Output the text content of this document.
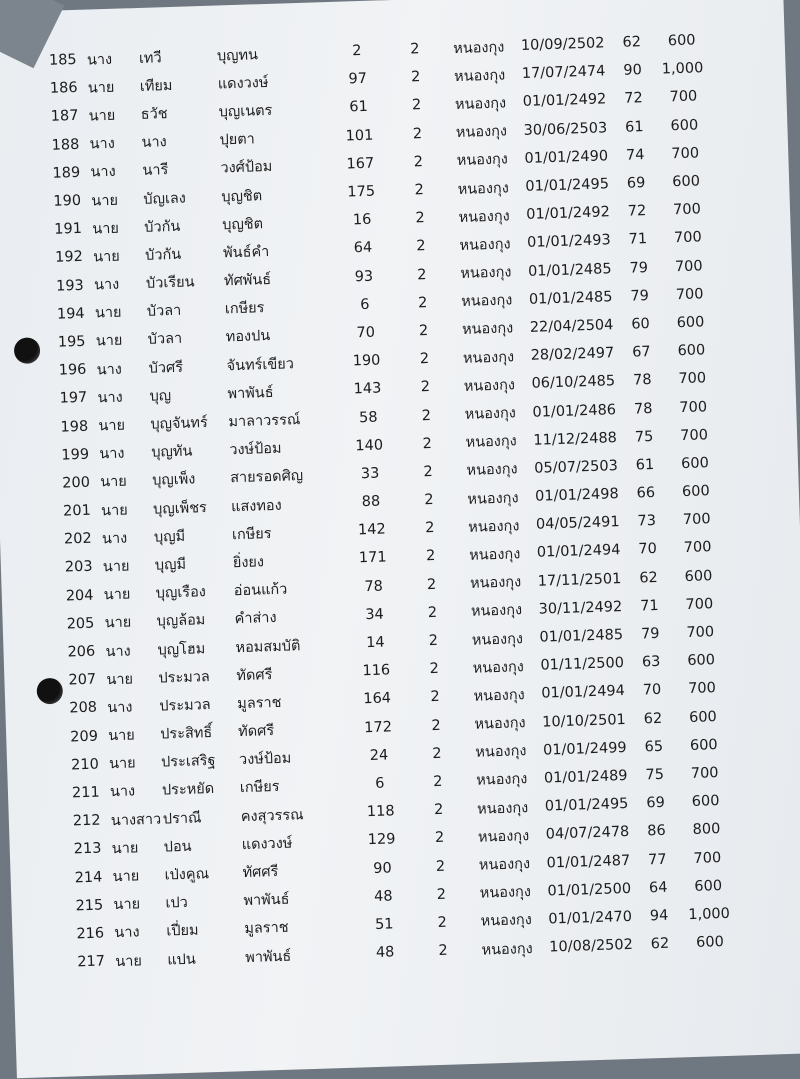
185	นาง	เทวี	บุญทน	2	2	หนองกุง	10/09/2502	62	600
186	นาย	เทียม	แดงวงษ์	97	2	หนองกุง	17/07/2474	90	1,000
187	นาย	ธวัช	บุญเนตร	61	2	หนองกุง	01/01/2492	72	700
188	นาง	นาง	ปุยตา	101	2	หนองกุง	30/06/2503	61	600
189	นาง	นารี	วงศ์ป้อม	167	2	หนองกุง	01/01/2490	74	700
190	นาย	บัญเลง	บุญชิต	175	2	หนองกุง	01/01/2495	69	600
191	นาย	บัวกัน	บุญชิต	16	2	หนองกุง	01/01/2492	72	700
192	นาย	บัวกัน	พันธ์คำ	64	2	หนองกุง	01/01/2493	71	700
193	นาง	บัวเรียน	ทัศพันธ์	93	2	หนองกุง	01/01/2485	79	700
194	นาย	บัวลา	เกษียร	6	2	หนองกุง	01/01/2485	79	700
195	นาย	บัวลา	ทองปน	70	2	หนองกุง	22/04/2504	60	600
196	นาง	บัวศรี	จันทร์เขียว	190	2	หนองกุง	28/02/2497	67	600
197	นาง	บุญ	พาพันธ์	143	2	หนองกุง	06/10/2485	78	700
198	นาย	บุญจันทร์	มาลาวรรณ์	58	2	หนองกุง	01/01/2486	78	700
199	นาง	บุญทัน	วงษ์ป้อม	140	2	หนองกุง	11/12/2488	75	700
200	นาย	บุญเพ็ง	สายรอดศิญ	33	2	หนองกุง	05/07/2503	61	600
201	นาย	บุญเพ็ชร	แสงทอง	88	2	หนองกุง	01/01/2498	66	600
202	นาง	บุญมี	เกษียร	142	2	หนองกุง	04/05/2491	73	700
203	นาย	บุญมี	ยิ่งยง	171	2	หนองกุง	01/01/2494	70	700
204	นาย	บุญเรือง	อ่อนแก้ว	78	2	หนองกุง	17/11/2501	62	600
205	นาย	บุญล้อม	คำส่าง	34	2	หนองกุง	30/11/2492	71	700
206	นาง	บุญโฮม	หอมสมบัติ	14	2	หนองกุง	01/01/2485	79	700
207	นาย	ประมวล	ทัดศรี	116	2	หนองกุง	01/11/2500	63	600
208	นาง	ประมวล	มูลราช	164	2	หนองกุง	01/01/2494	70	700
209	นาย	ประสิทธิ์	ทัดศรี	172	2	หนองกุง	10/10/2501	62	600
210	นาย	ประเสริฐ	วงษ์ป้อม	24	2	หนองกุง	01/01/2499	65	600
211	นาง	ประหยัด	เกษียร	6	2	หนองกุง	01/01/2489	75	700
212	นางสาว	ปราณี	คงสุวรรณ	118	2	หนองกุง	01/01/2495	69	600
213	นาย	ปอน	แดงวงษ์	129	2	หนองกุง	04/07/2478	86	800
214	นาย	เป่งคูณ	ทัศศรี	90	2	หนองกุง	01/01/2487	77	700
215	นาย	เปว	พาพันธ์	48	2	หนองกุง	01/01/2500	64	600
216	นาง	เปี่ยม	มูลราช	51	2	หนองกุง	01/01/2470	94	1,000
217	นาย	แปน	พาพันธ์	48	2	หนองกุง	10/08/2502	62	600
